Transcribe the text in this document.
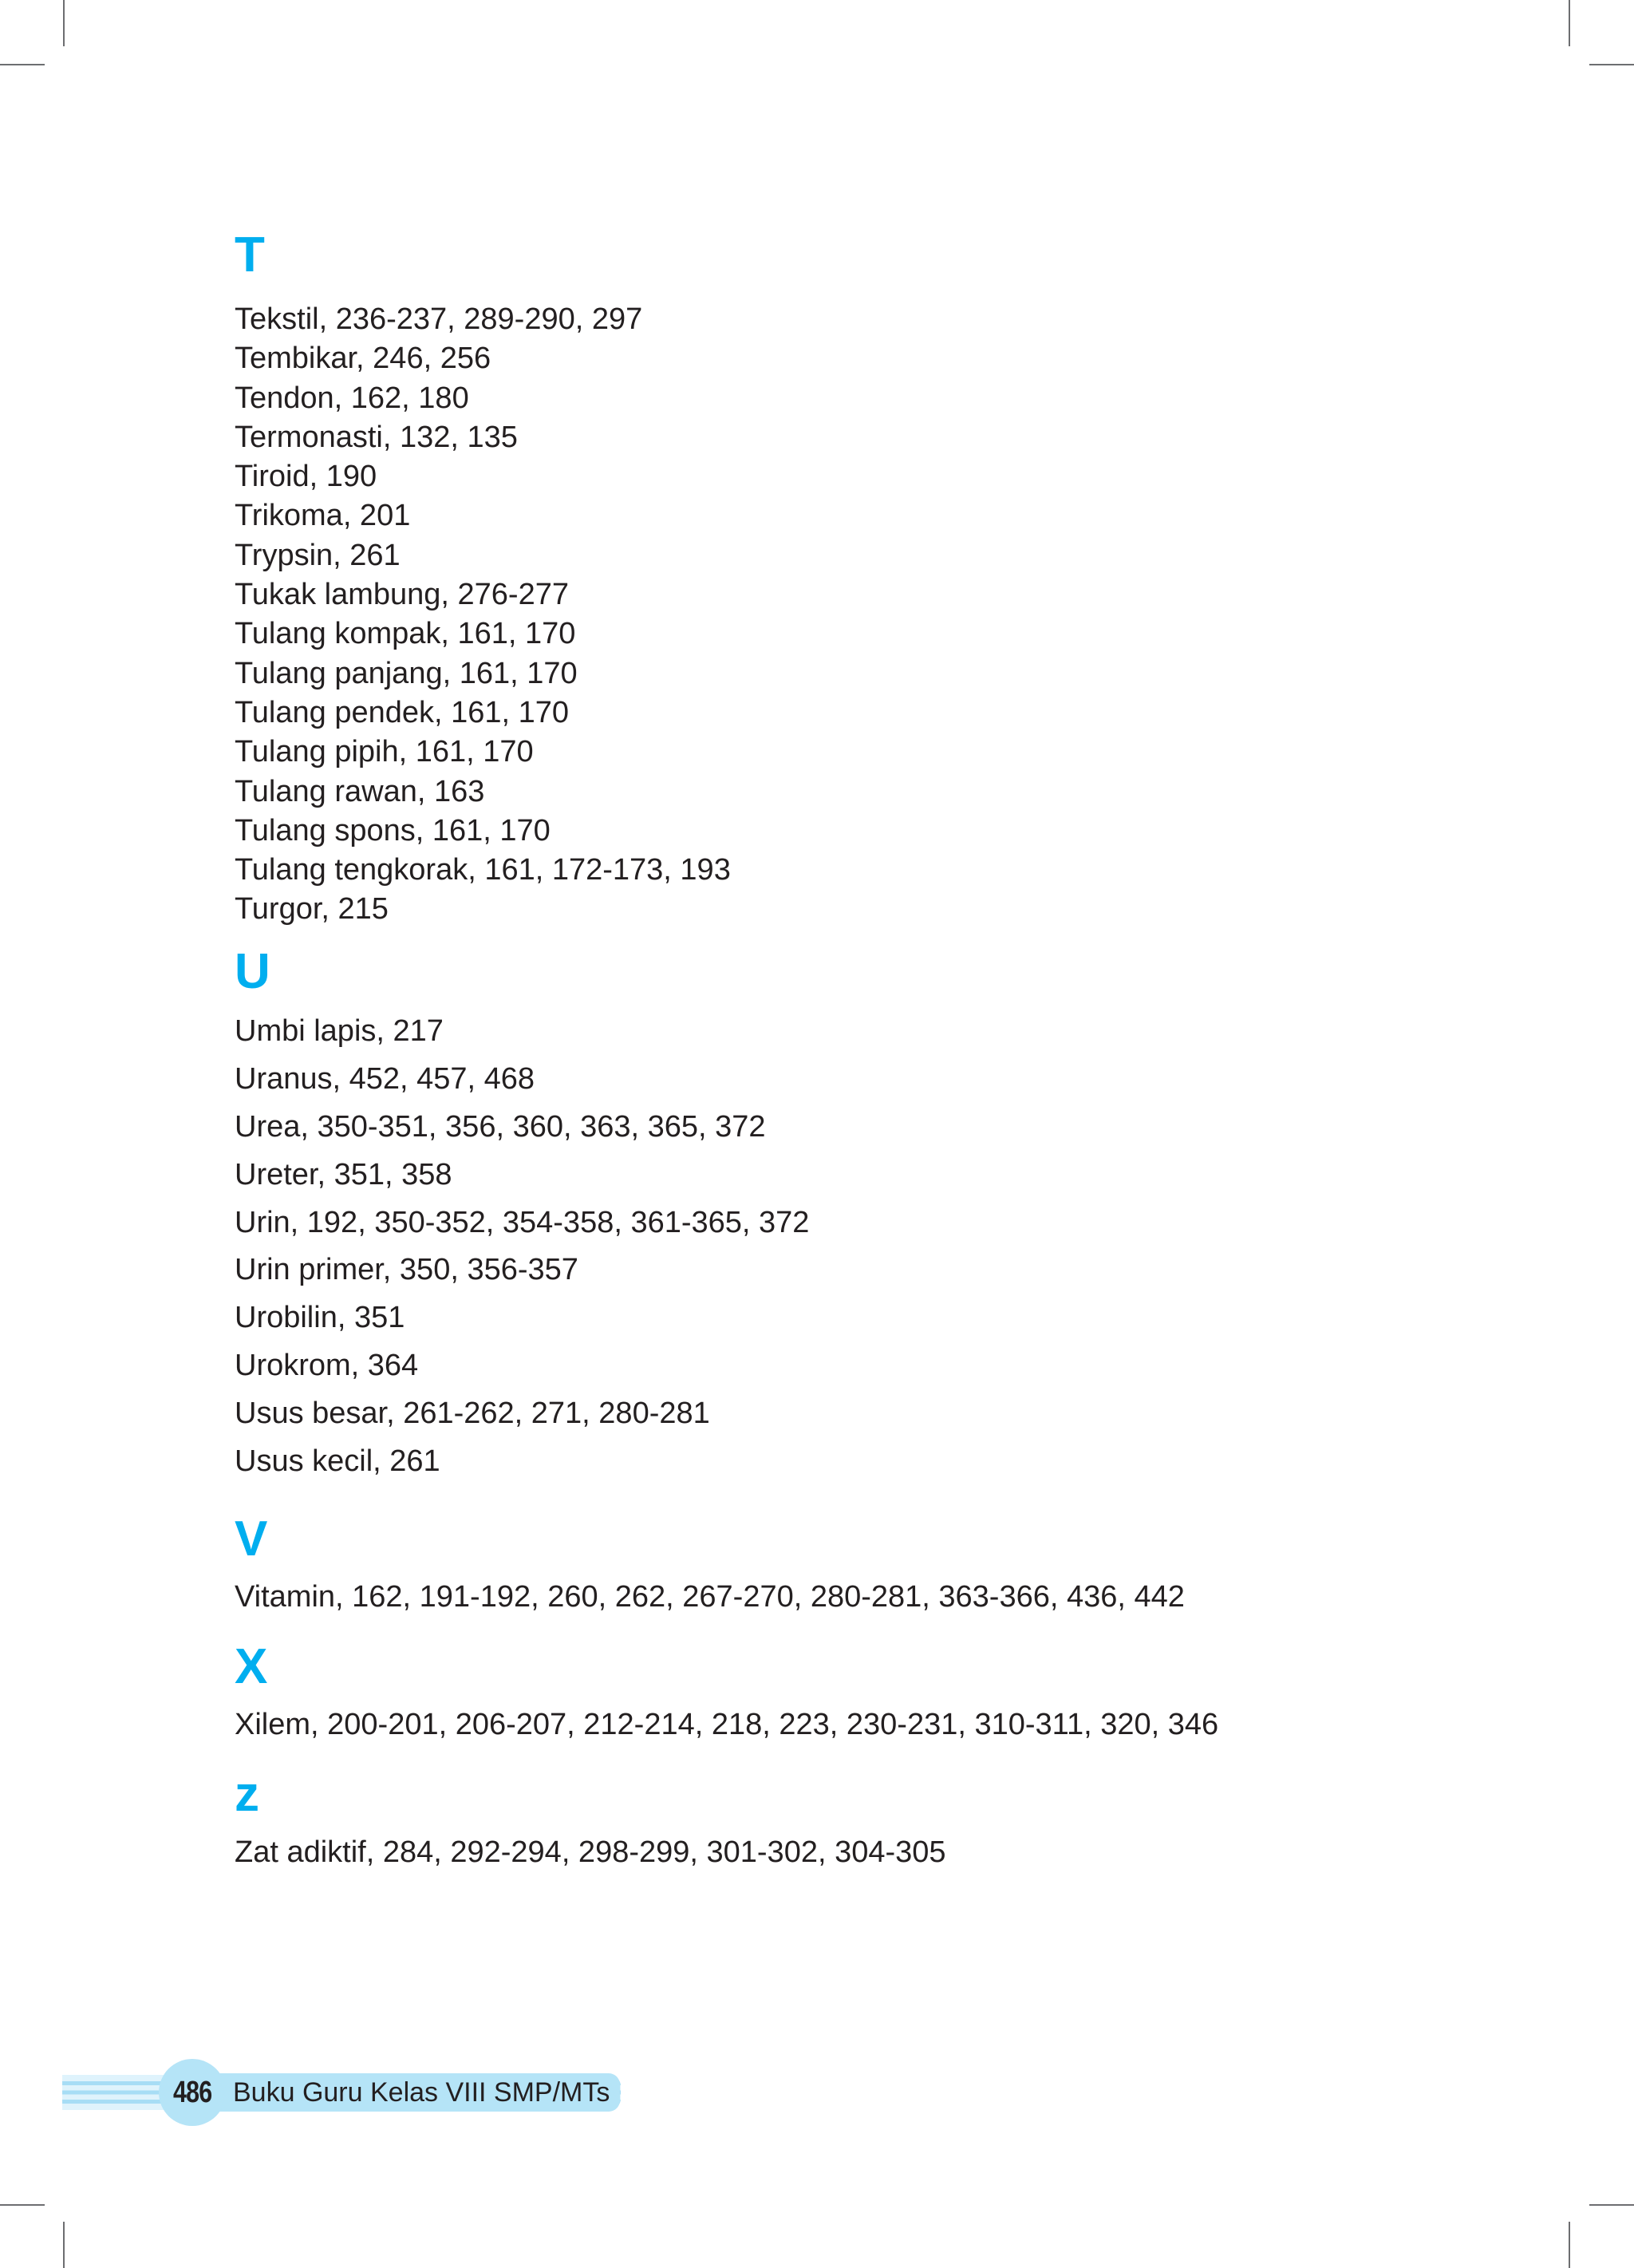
T
Tekstil, 236-237, 289-290, 297
Tembikar, 246, 256
Tendon, 162, 180
Termonasti, 132, 135
Tiroid, 190
Trikoma, 201
Trypsin, 261
Tukak lambung, 276-277
Tulang kompak, 161, 170
Tulang panjang, 161, 170
Tulang pendek, 161, 170
Tulang pipih, 161, 170
Tulang rawan, 163
Tulang spons, 161, 170
Tulang tengkorak, 161, 172-173, 193
Turgor, 215
U
Umbi lapis, 217
Uranus, 452, 457, 468
Urea, 350-351, 356, 360, 363, 365, 372
Ureter, 351, 358
Urin, 192, 350-352, 354-358, 361-365, 372
Urin primer, 350, 356-357
Urobilin, 351
Urokrom, 364
Usus besar, 261-262, 271, 280-281
Usus kecil, 261
V
Vitamin, 162, 191-192, 260, 262, 267-270, 280-281, 363-366, 436, 442
X
Xilem, 200-201, 206-207, 212-214, 218, 223, 230-231, 310-311, 320, 346
z
Zat adiktif, 284, 292-294, 298-299, 301-302, 304-305
486 Buku Guru Kelas VIII SMP/MTs
